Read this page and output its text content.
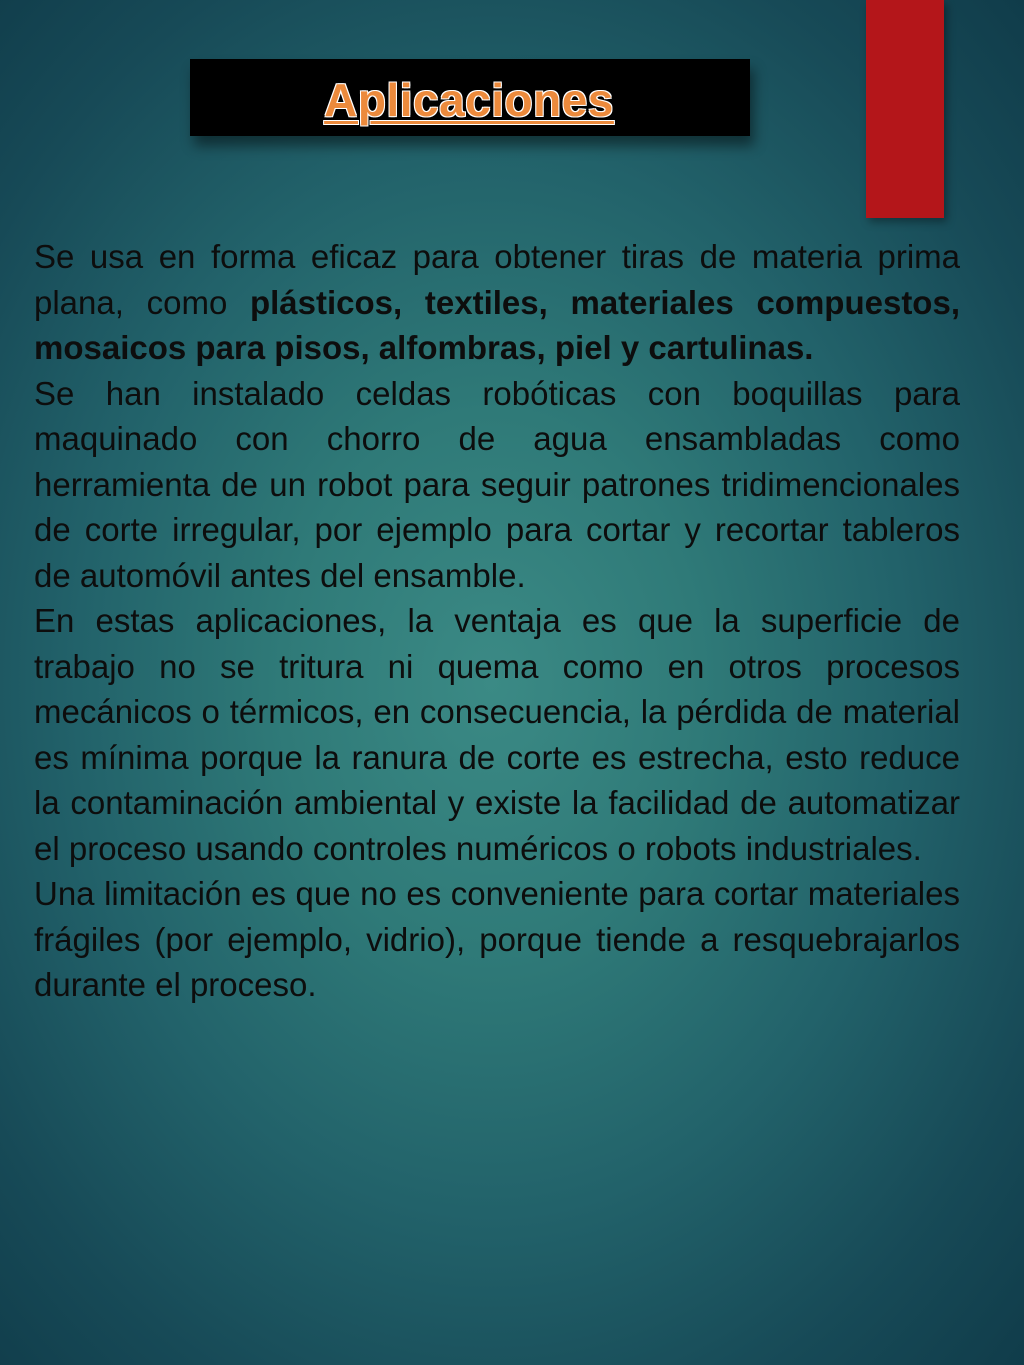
Aplicaciones

Se usa en forma eficaz para obtener tiras de materia prima plana, como plásticos, textiles, materiales compuestos, mosaicos para pisos, alfombras, piel y cartulinas.

Se han instalado celdas robóticas con boquillas para maquinado con chorro de agua ensambladas como herramienta de un robot para seguir patrones tridimencionales de corte irregular, por ejemplo para cortar y recortar tableros de automóvil antes del ensamble.

En estas aplicaciones, la ventaja es que la superficie de trabajo no se tritura ni quema como en otros procesos mecánicos o térmicos, en consecuencia, la pérdida de material es mínima porque la ranura de corte es estrecha, esto reduce la contaminación ambiental y existe la facilidad de automatizar el proceso usando controles numéricos o robots industriales.

Una limitación es que no es conveniente para cortar materiales frágiles (por ejemplo, vidrio), porque tiende a resquebrajarlos durante el proceso.
